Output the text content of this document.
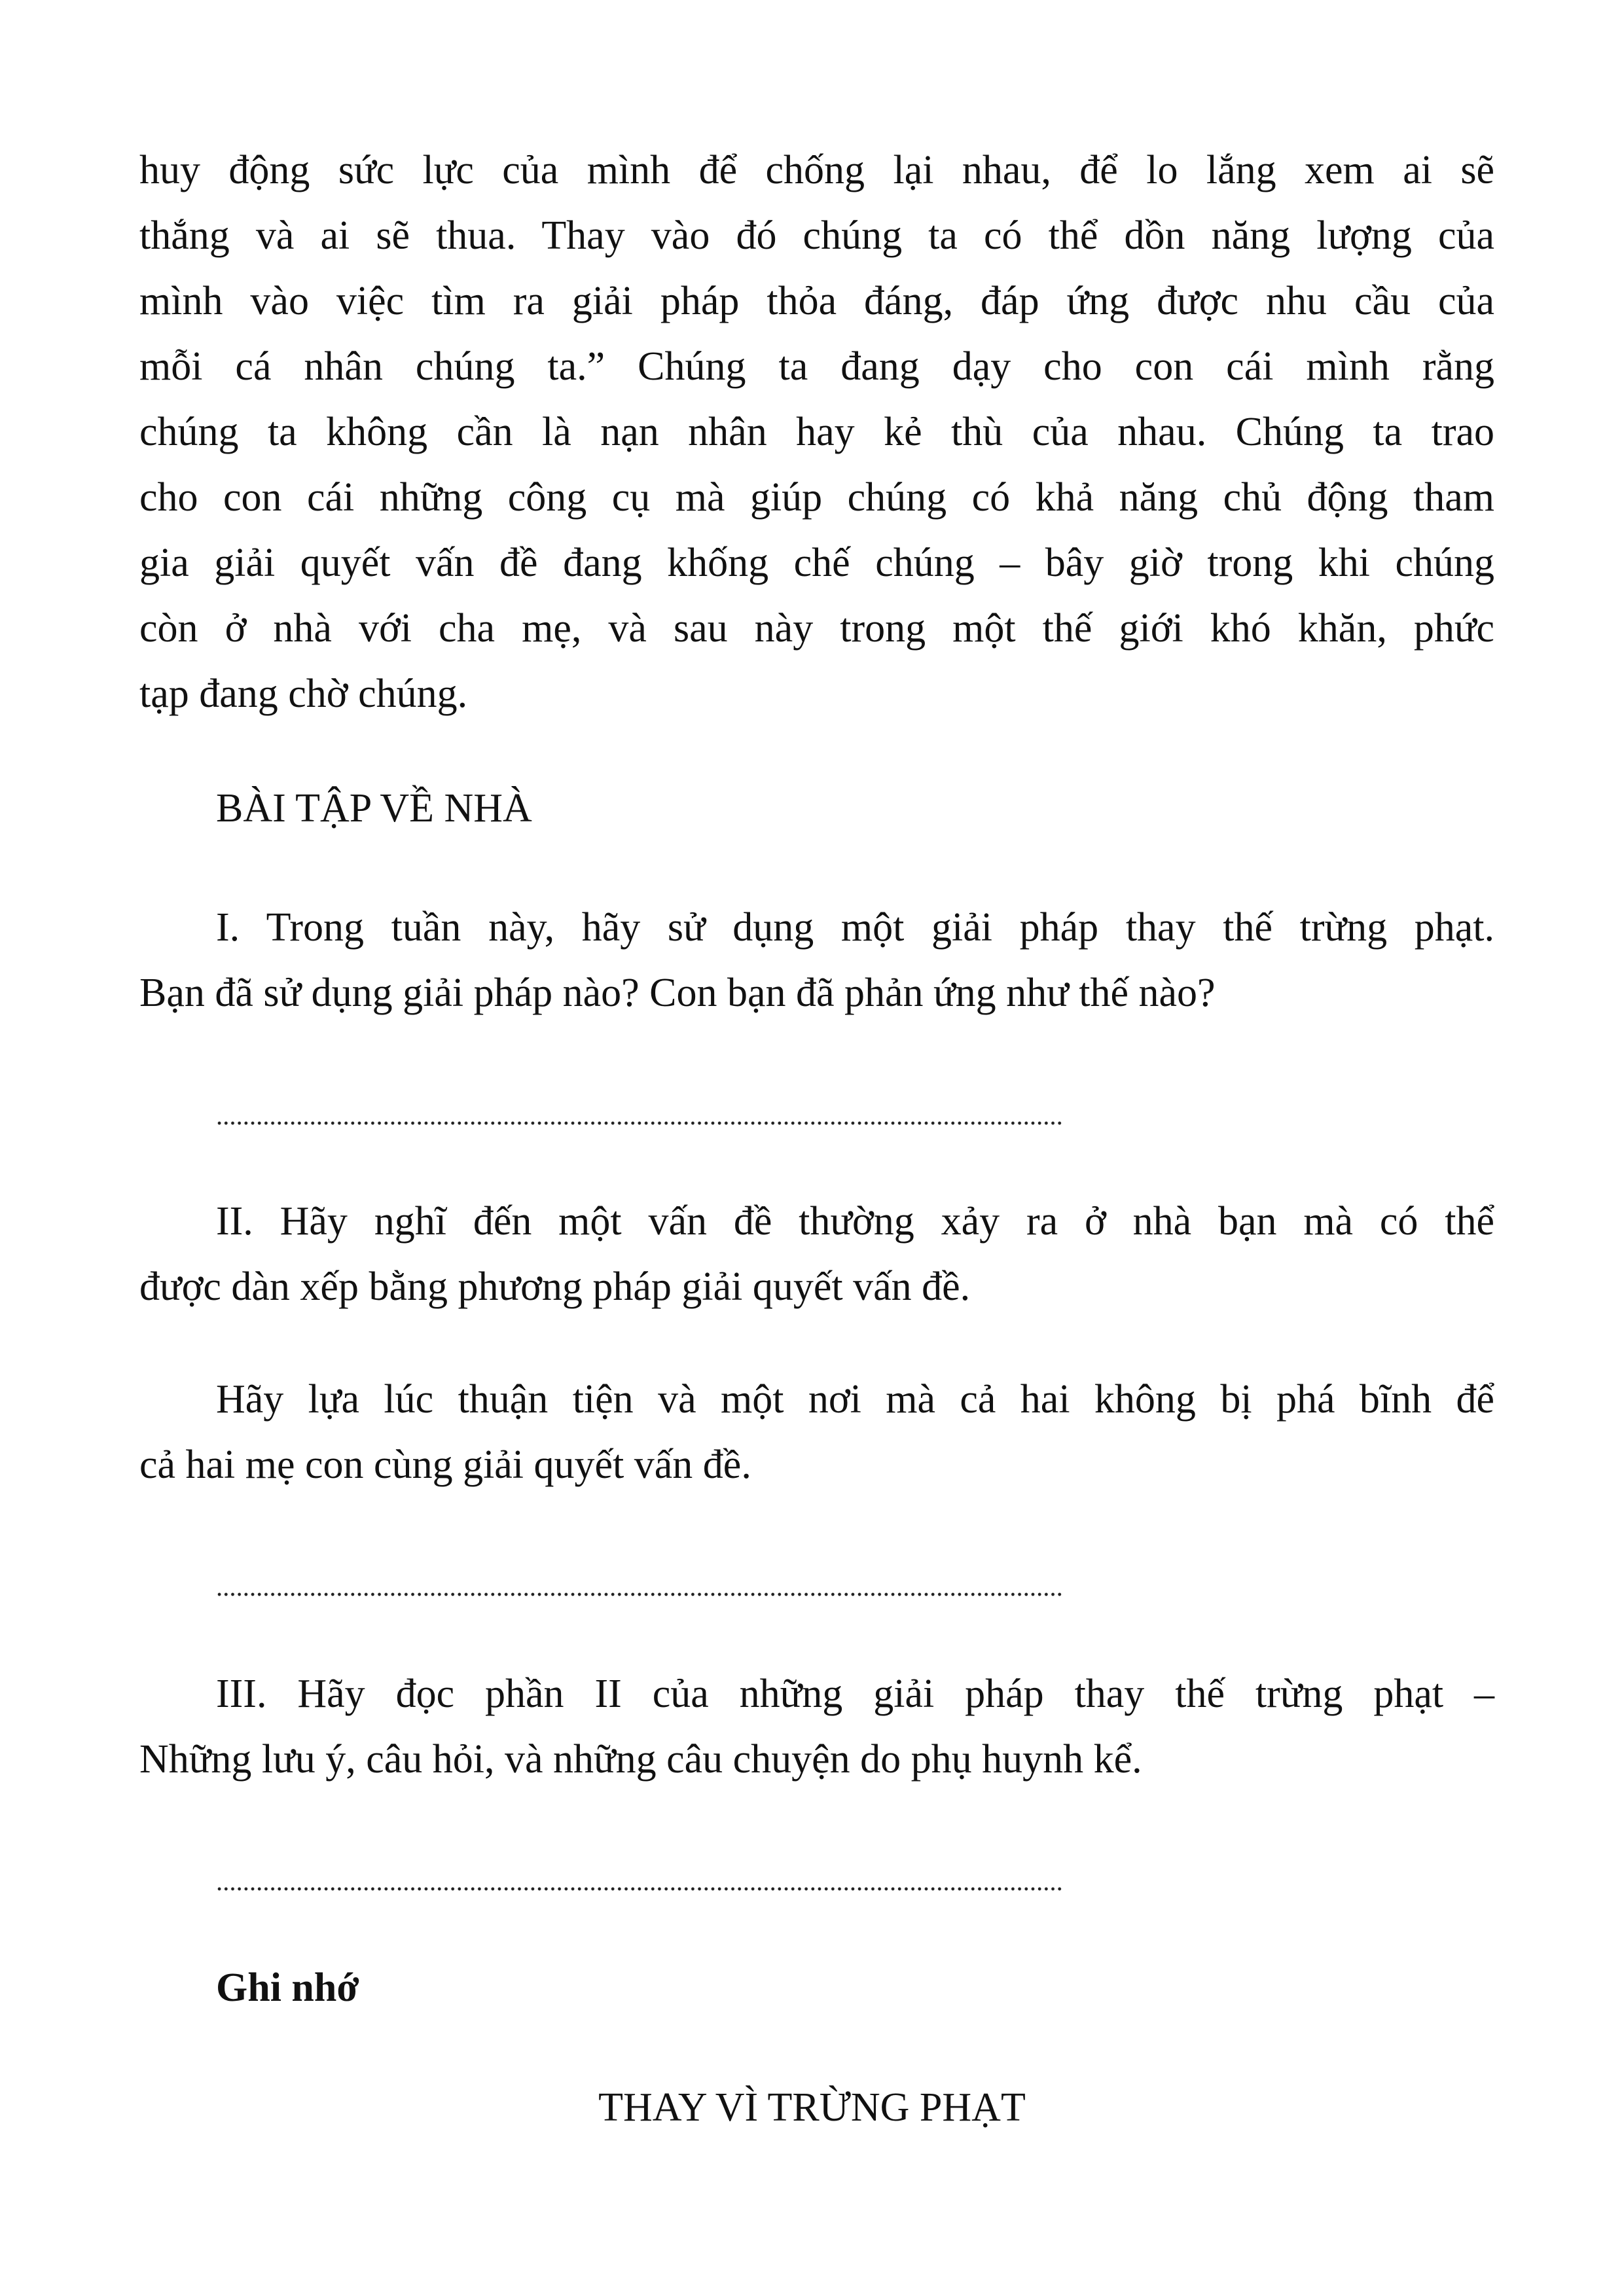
huy động sức lực của mình để chống lại nhau, để lo lắng xem ai sẽ
thắng và ai sẽ thua. Thay vào đó chúng ta có thể dồn năng lượng của
mình vào việc tìm ra giải pháp thỏa đáng, đáp ứng được nhu cầu của
mỗi cá nhân chúng ta.” Chúng ta đang dạy cho con cái mình rằng
chúng ta không cần là nạn nhân hay kẻ thù của nhau. Chúng ta trao
cho con cái những công cụ mà giúp chúng có khả năng chủ động tham
gia giải quyết vấn đề đang khống chế chúng – bây giờ trong khi chúng
còn ở nhà với cha mẹ, và sau này trong một thế giới khó khăn, phức
tạp đang chờ chúng.

BÀI TẬP VỀ NHÀ

I. Trong tuần này, hãy sử dụng một giải pháp thay thế trừng phạt.
Bạn đã sử dụng giải pháp nào? Con bạn đã phản ứng như thế nào?
II. Hãy nghĩ đến một vấn đề thường xảy ra ở nhà bạn mà có thể
được dàn xếp bằng phương pháp giải quyết vấn đề.
Hãy lựa lúc thuận tiện và một nơi mà cả hai không bị phá bĩnh để
cả hai mẹ con cùng giải quyết vấn đề.
III. Hãy đọc phần II của những giải pháp thay thế trừng phạt –
Những lưu ý, câu hỏi, và những câu chuyện do phụ huynh kể.

Ghi nhớ

THAY VÌ TRỪNG PHẠT
